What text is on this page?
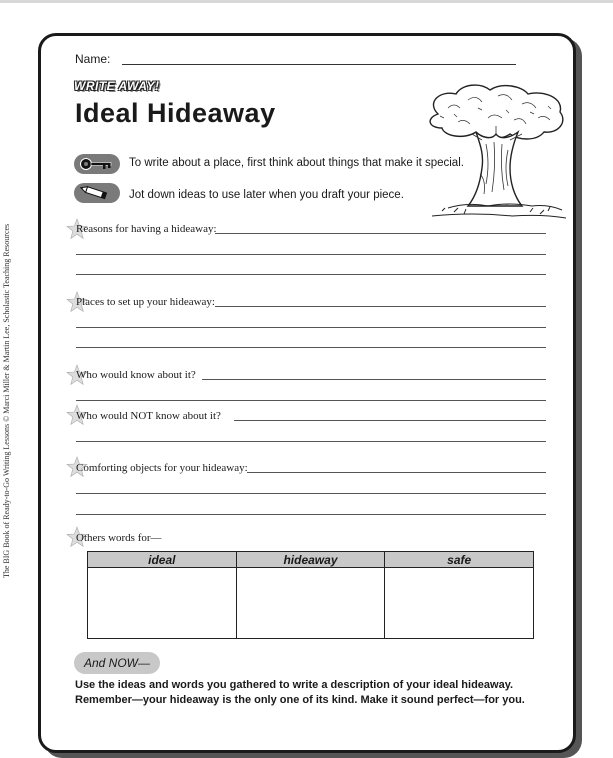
The BIG Book of Ready-to-Go Writing Lessons © Marci Miller & Martin Lee, Scholastic Teaching Resources
Name:
WRITE AWAY!
Ideal Hideaway
To write about a place, first think about things that make it special.
Jot down ideas to use later when you draft your piece.
Reasons for having a hideaway:
Places to set up your hideaway:
Who would know about it?
Who would NOT know about it?
Comforting objects for your hideaway:
Others words for—
ideal	hideaway	safe

And NOW—
Use the ideas and words you gathered to write a description of your ideal hideaway. Remember—your hideaway is the only one of its kind. Make it sound perfect—for you.
